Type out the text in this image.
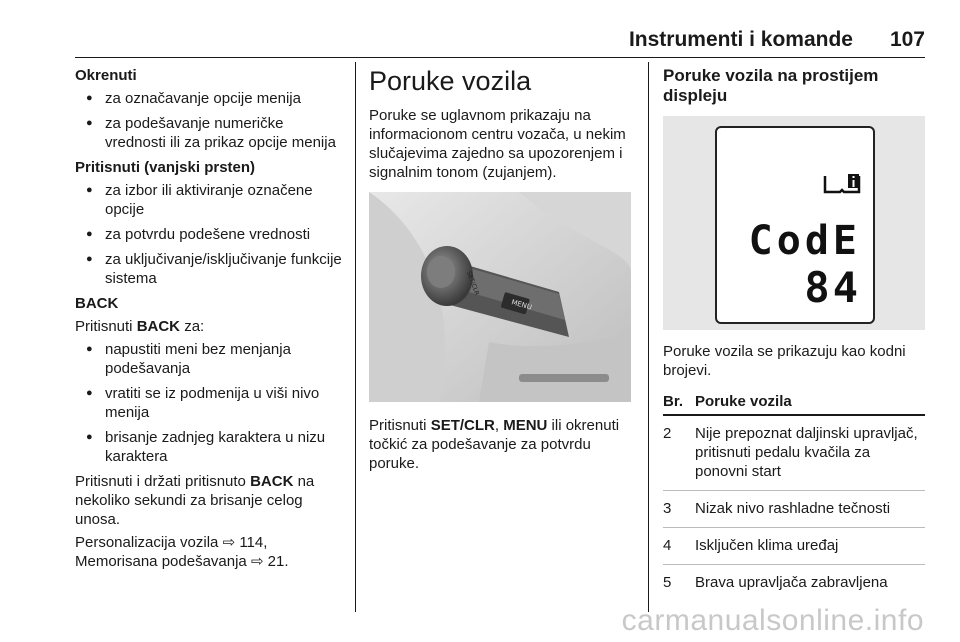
Instrumenti i komande 107
Okrenuti
● za označavanje opcije menija
● za podešavanje numeričke vrednosti ili za prikaz opcije menija
Pritisnuti (vanjski prsten)
● za izbor ili aktiviranje označene opcije
● za potvrdu podešene vrednosti
● za uključivanje/isključivanje funkcije sistema
BACK
Pritisnuti BACK za:
● napustiti meni bez menjanja podešavanja
● vratiti se iz podmenija u viši nivo menija
● brisanje zadnjeg karaktera u nizu karaktera
Pritisnuti i držati pritisnuto BACK na nekoliko sekundi za brisanje celog unosa.
Personalizacija vozila ⇨ 114,
Memorisana podešavanja ⇨ 21.
Poruke vozila
Poruke se uglavnom prikazaju na informacionom centru vozača, u nekim slučajevima zajedno sa upozorenjem i signalnim tonom (zujanjem).
MENU
SET/CLR
Pritisnuti SET/CLR, MENU ili okrenuti točkić za podešavanje za potvrdu poruke.
Poruke vozila na prostijem displeju
CodE
84
Poruke vozila se prikazuju kao kodni brojevi.
Br.	Poruke vozila
2	Nije prepoznat daljinski upravljač, pritisnuti pedalu kvačila za ponovni start
3	Nizak nivo rashladne tečnosti
4	Isključen klima uređaj
5	Brava upravljača zabravljena
carmanualsonline.info
